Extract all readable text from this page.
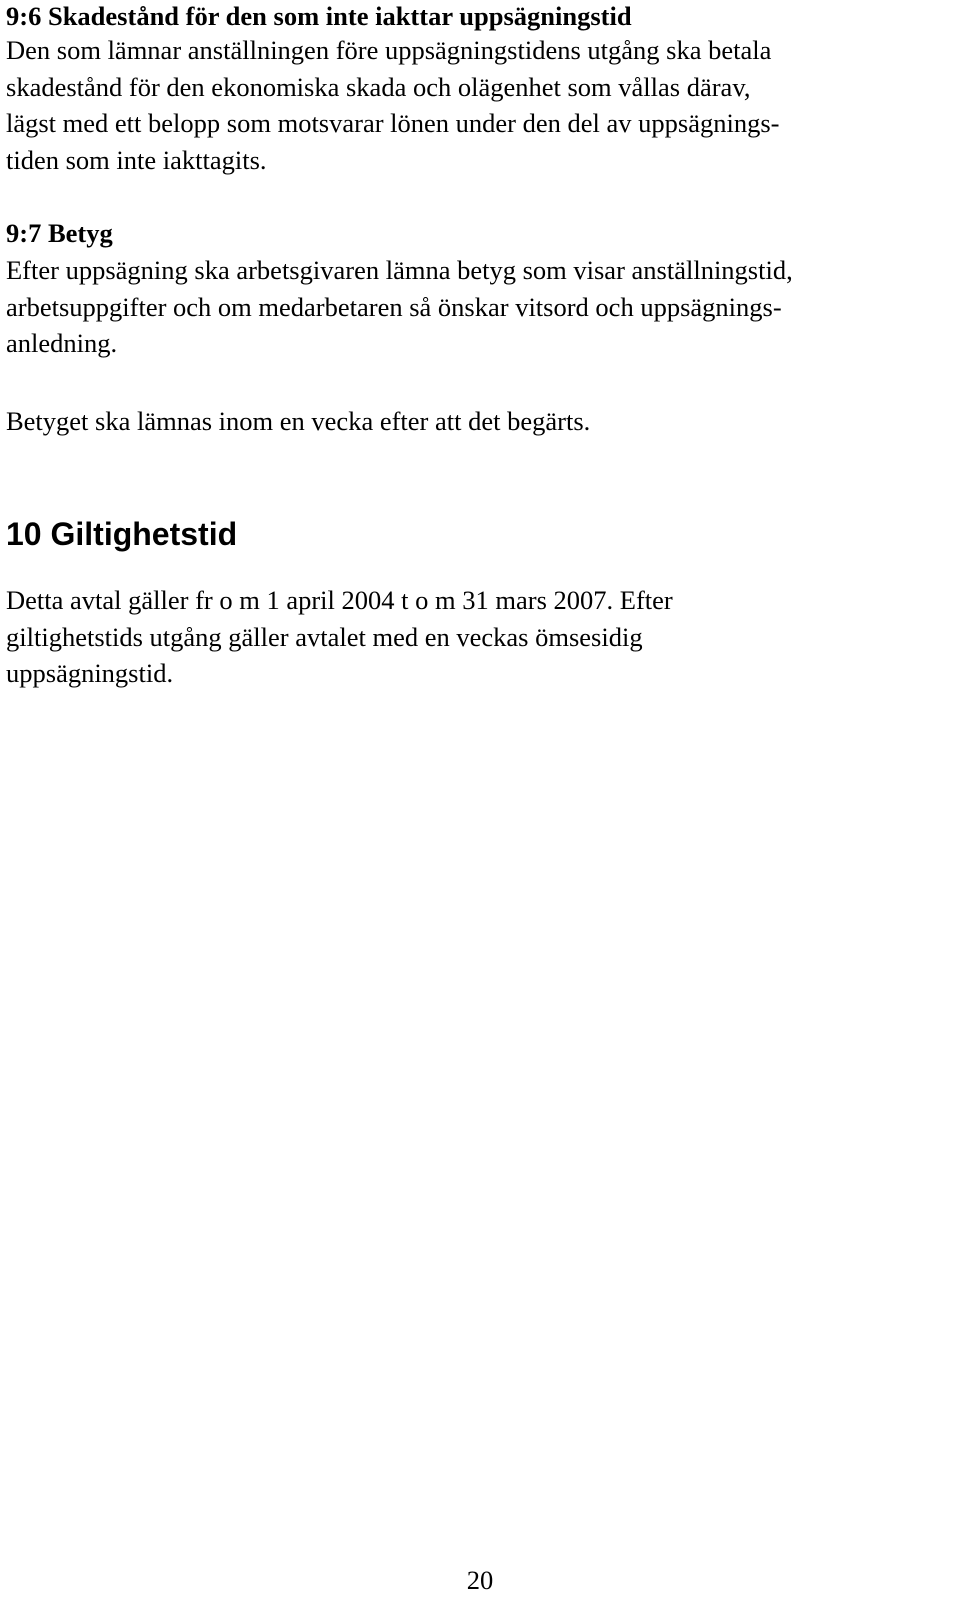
9:6 Skadestånd för den som inte iakttar uppsägningstid

Den som lämnar anställningen före uppsägningstidens utgång ska betala
skadestånd för den ekonomiska skada och olägenhet som vållas därav,
lägst med ett belopp som motsvarar lönen under den del av uppsägnings-
tiden som inte iakttagits.

9:7 Betyg

Efter uppsägning ska arbetsgivaren lämna betyg som visar anställningstid,
arbetsuppgifter och om medarbetaren så önskar vitsord och uppsägnings-
anledning.

Betyget ska lämnas inom en vecka efter att det begärts.

10 Giltighetstid

Detta avtal gäller fr o m 1 april 2004 t o m 31 mars 2007. Efter
giltighetstids utgång gäller avtalet med en veckas ömsesidig
uppsägningstid.

20
